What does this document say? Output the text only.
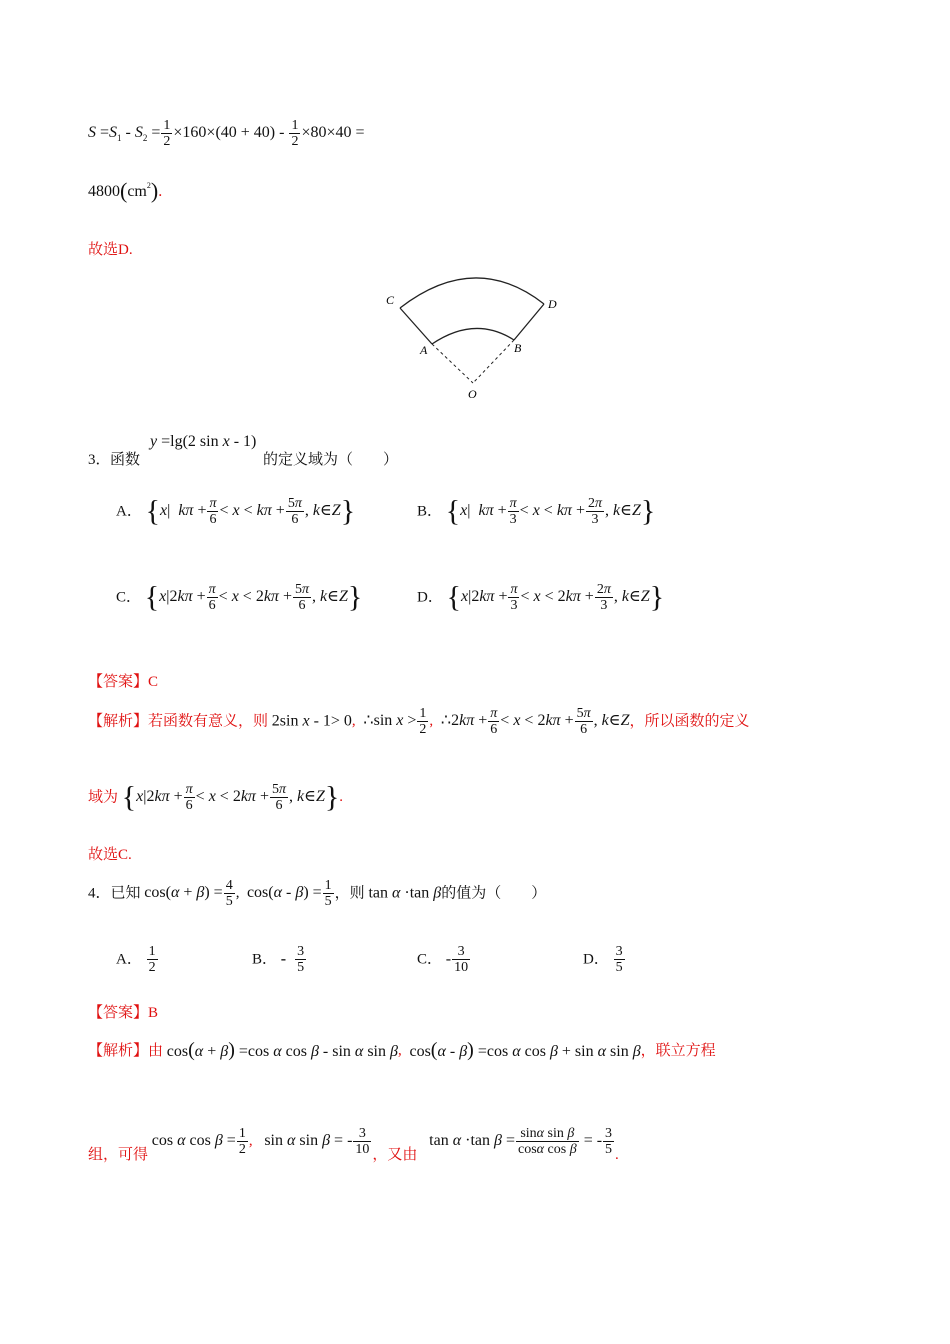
$S =S_1 - S_2 = \frac{1}{2} \times 160\times(40 + 40) - \frac{1}{2} \times 80\times 40$ =
$4800(cm^2)$.
故选D.
C	D
A	B
O
3． 函数
y =lg(2 sin x - 1)
的定义域为（　　）
A． {x|  $k\pi + \frac{\pi}{6} < x < k\pi + \frac{5\pi}{6}$ , k∈Z}	B． {x|  $k\pi + \frac{\pi}{3} < x < k\pi + \frac{2\pi}{3}$ , k∈Z}
C． {$x|2k\pi + \frac{\pi}{6} < x < 2k\pi + \frac{5\pi}{6}$ , k∈Z}	D． {$x|2k\pi + \frac{\pi}{3} < x < 2k\pi + \frac{2\pi}{3}$ , k∈Z}
【答案】C
【解析】若函数有意义，则 2sin x - 1> 0,  ∴sin $x > \frac{1}{2}$ ,  ∴2kπ + $\frac{\pi}{6} < x < 2k\pi + \frac{5\pi}{6}$ , k∈Z，所以函数的定义
域为 {$x|2k\pi + \frac{\pi}{6} < x < 2k\pi + \frac{5\pi}{6}$ , k∈Z}.
故选C.
4．已知 $\cos(\alpha + \beta) = \frac{4}{5}$ ,  $\cos(\alpha - \beta) = \frac{1}{5}$ ，则 tan α ·tan β的值为（　　）
A． $\frac{1}{2}$	B． - $\frac{3}{5}$	C． - $\frac{3}{10}$	D． $\frac{3}{5}$
【答案】B
【解析】由 cos(α + β) =cos α cos β - sin α sin β,  cos(α - β) =cos α cos β + sin α sin β，联立方程
组，可得 cos α $\cos \beta = \frac{1}{2}$ ,   sin α sin β = - $\frac{3}{10}$ ，又由   tan α ·tan $\beta = \frac{\text{sinα sin β}}{\text{cosα cos β}}$ = - $\frac{3}{5}$ .
